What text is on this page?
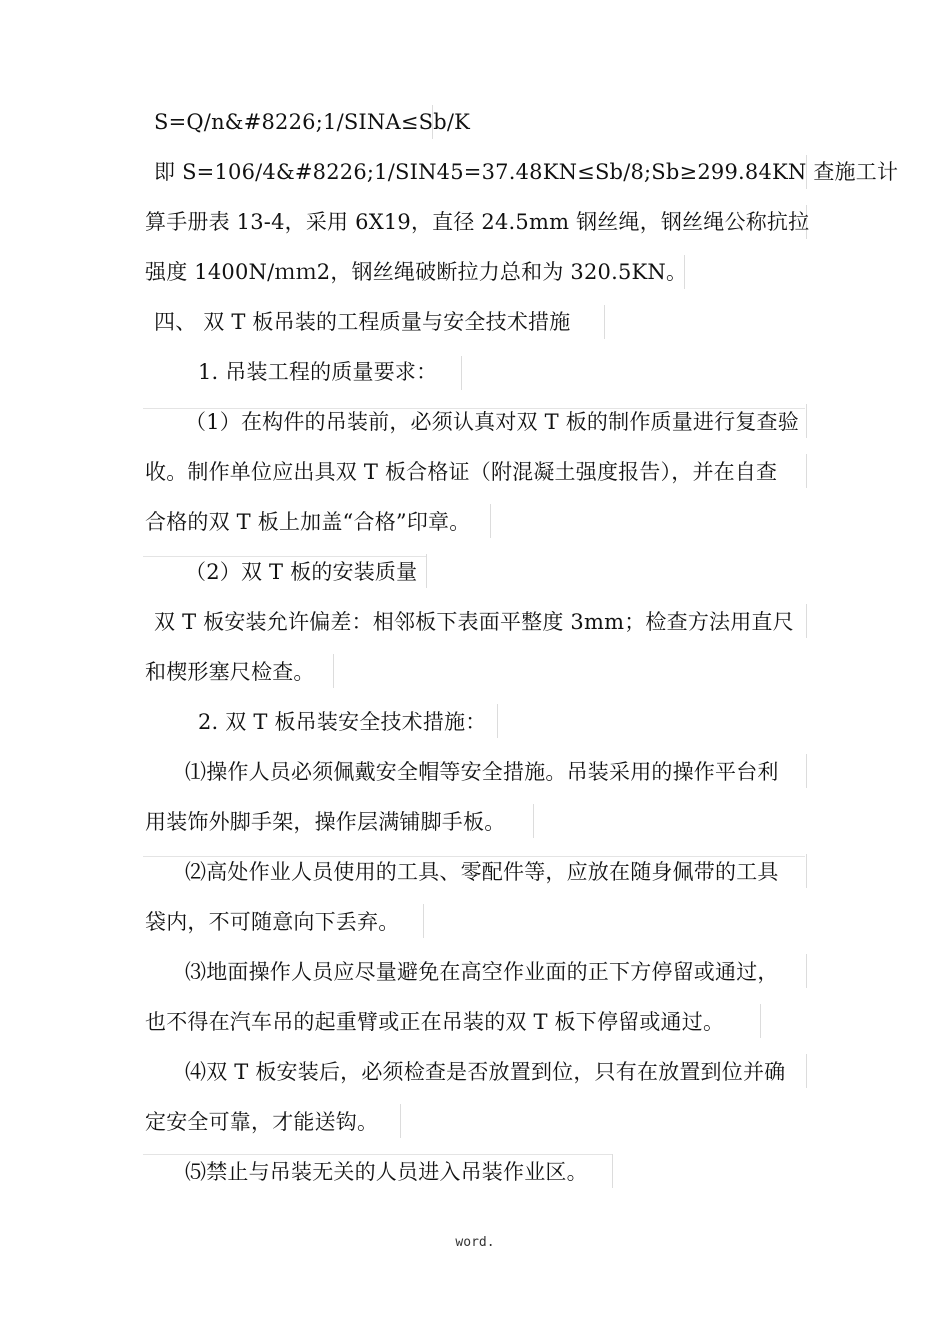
S=Q/n&#8226;1/SINA≤Sb/K
即 S=106/4&#8226;1/SIN45=37.48KN≤Sb/8;Sb≥299.84KN 查施工计
算手册表 13-4，采用 6X19，直径 24.5mm 钢丝绳，钢丝绳公称抗拉
强度 1400N/ｍｍ2，钢丝绳破断拉力总和为 320.5KN。
四、 双 T 板吊装的工程质量与安全技术措施
1. 吊装工程的质量要求：
（1）在构件的吊装前，必须认真对双 T 板的制作质量进行复查验
收。制作单位应出具双 T 板合格证（附混凝土强度报告），并在自查
合格的双 T 板上加盖“合格”印章。
（2）双 T 板的安装质量
双 T 板安装允许偏差：相邻板下表面平整度 3mm；检查方法用直尺
和楔形塞尺检查。
2. 双 T 板吊装安全技术措施：
⑴操作人员必须佩戴安全帽等安全措施。吊装采用的操作平台利
用装饰外脚手架，操作层满铺脚手板。
⑵高处作业人员使用的工具、零配件等，应放在随身佩带的工具
袋内，不可随意向下丢弃。
⑶地面操作人员应尽量避免在高空作业面的正下方停留或通过，
也不得在汽车吊的起重臂或正在吊装的双 T 板下停留或通过。
⑷双 T 板安装后，必须检查是否放置到位，只有在放置到位并确
定安全可靠，才能送钩。
⑸禁止与吊装无关的人员进入吊装作业区。
word.
